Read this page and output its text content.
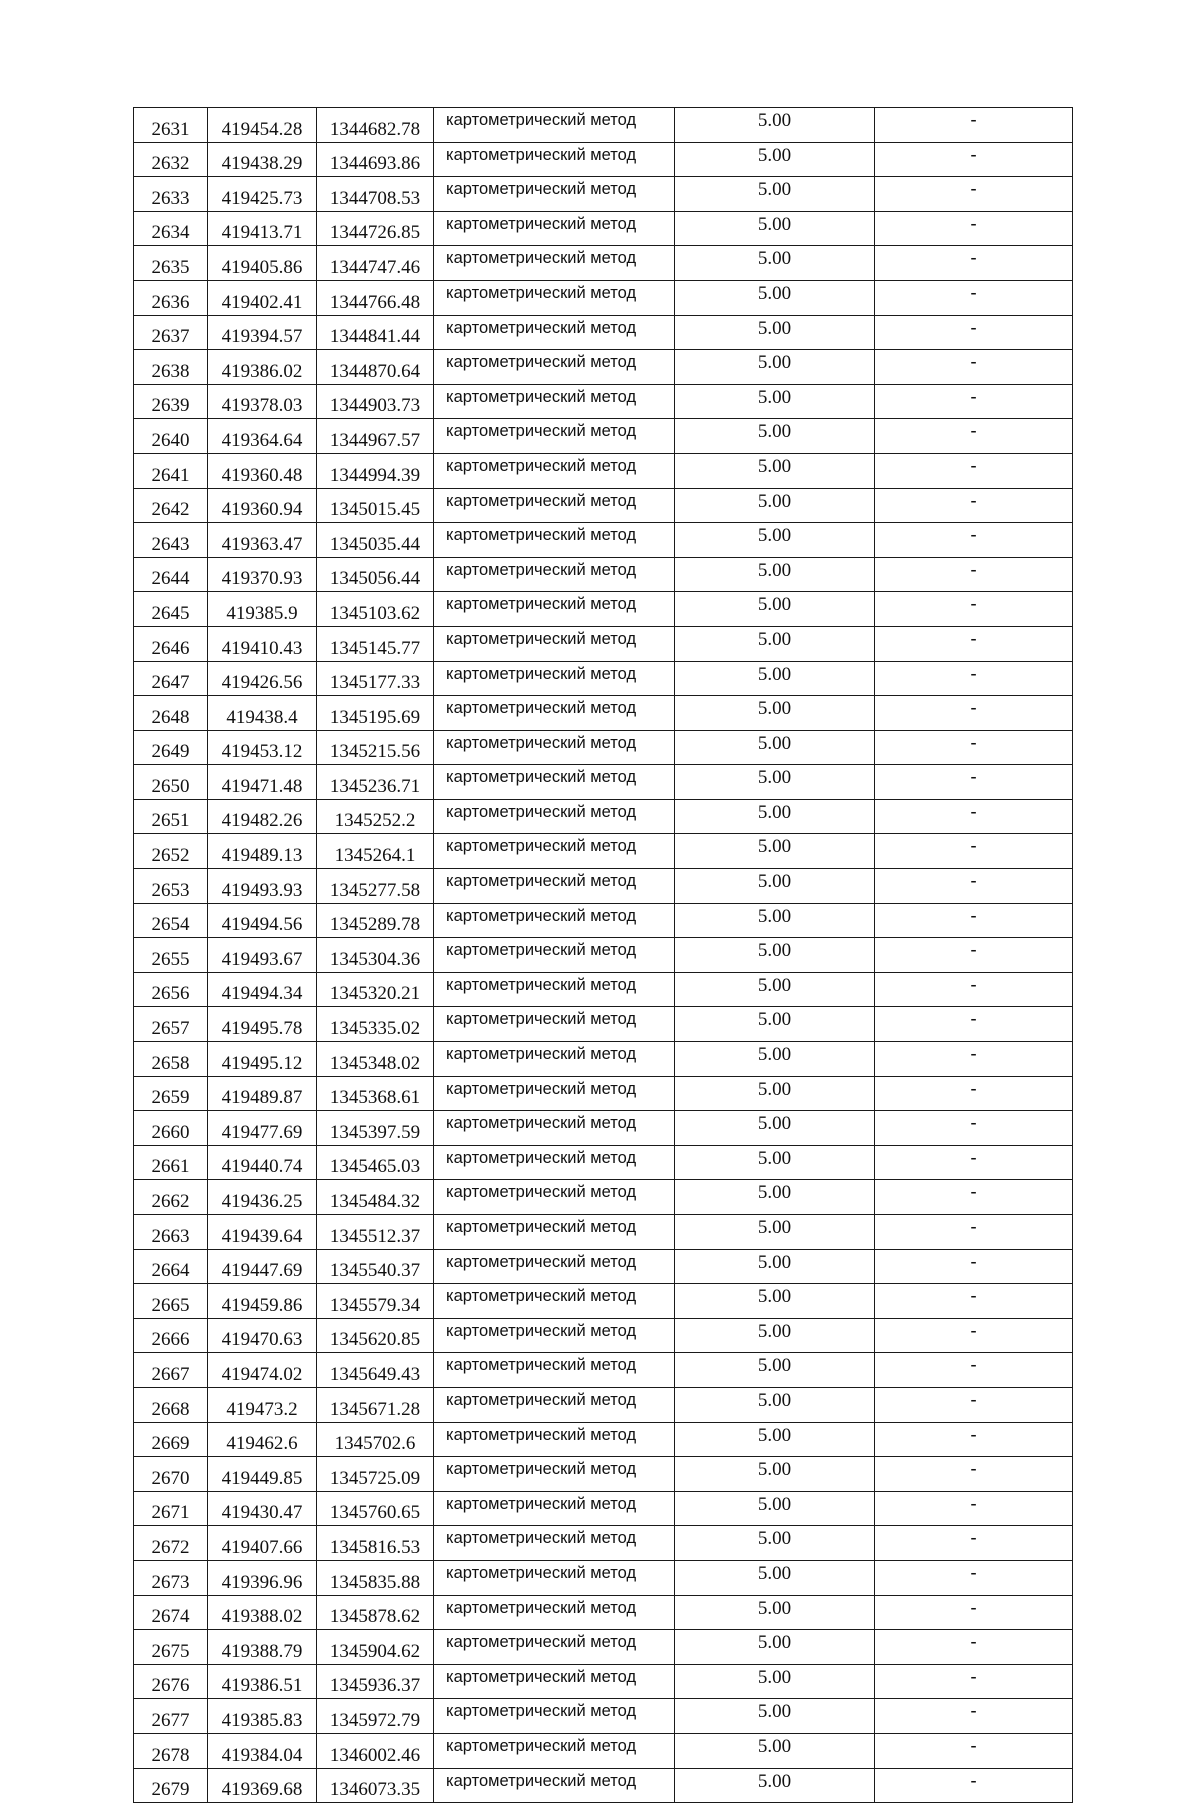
2631	419454.28	1344682.78	картометрический метод	5.00	-
2632	419438.29	1344693.86	картометрический метод	5.00	-
2633	419425.73	1344708.53	картометрический метод	5.00	-
2634	419413.71	1344726.85	картометрический метод	5.00	-
2635	419405.86	1344747.46	картометрический метод	5.00	-
2636	419402.41	1344766.48	картометрический метод	5.00	-
2637	419394.57	1344841.44	картометрический метод	5.00	-
2638	419386.02	1344870.64	картометрический метод	5.00	-
2639	419378.03	1344903.73	картометрический метод	5.00	-
2640	419364.64	1344967.57	картометрический метод	5.00	-
2641	419360.48	1344994.39	картометрический метод	5.00	-
2642	419360.94	1345015.45	картометрический метод	5.00	-
2643	419363.47	1345035.44	картометрический метод	5.00	-
2644	419370.93	1345056.44	картометрический метод	5.00	-
2645	419385.9	1345103.62	картометрический метод	5.00	-
2646	419410.43	1345145.77	картометрический метод	5.00	-
2647	419426.56	1345177.33	картометрический метод	5.00	-
2648	419438.4	1345195.69	картометрический метод	5.00	-
2649	419453.12	1345215.56	картометрический метод	5.00	-
2650	419471.48	1345236.71	картометрический метод	5.00	-
2651	419482.26	1345252.2	картометрический метод	5.00	-
2652	419489.13	1345264.1	картометрический метод	5.00	-
2653	419493.93	1345277.58	картометрический метод	5.00	-
2654	419494.56	1345289.78	картометрический метод	5.00	-
2655	419493.67	1345304.36	картометрический метод	5.00	-
2656	419494.34	1345320.21	картометрический метод	5.00	-
2657	419495.78	1345335.02	картометрический метод	5.00	-
2658	419495.12	1345348.02	картометрический метод	5.00	-
2659	419489.87	1345368.61	картометрический метод	5.00	-
2660	419477.69	1345397.59	картометрический метод	5.00	-
2661	419440.74	1345465.03	картометрический метод	5.00	-
2662	419436.25	1345484.32	картометрический метод	5.00	-
2663	419439.64	1345512.37	картометрический метод	5.00	-
2664	419447.69	1345540.37	картометрический метод	5.00	-
2665	419459.86	1345579.34	картометрический метод	5.00	-
2666	419470.63	1345620.85	картометрический метод	5.00	-
2667	419474.02	1345649.43	картометрический метод	5.00	-
2668	419473.2	1345671.28	картометрический метод	5.00	-
2669	419462.6	1345702.6	картометрический метод	5.00	-
2670	419449.85	1345725.09	картометрический метод	5.00	-
2671	419430.47	1345760.65	картометрический метод	5.00	-
2672	419407.66	1345816.53	картометрический метод	5.00	-
2673	419396.96	1345835.88	картометрический метод	5.00	-
2674	419388.02	1345878.62	картометрический метод	5.00	-
2675	419388.79	1345904.62	картометрический метод	5.00	-
2676	419386.51	1345936.37	картометрический метод	5.00	-
2677	419385.83	1345972.79	картометрический метод	5.00	-
2678	419384.04	1346002.46	картометрический метод	5.00	-
2679	419369.68	1346073.35	картометрический метод	5.00	-
